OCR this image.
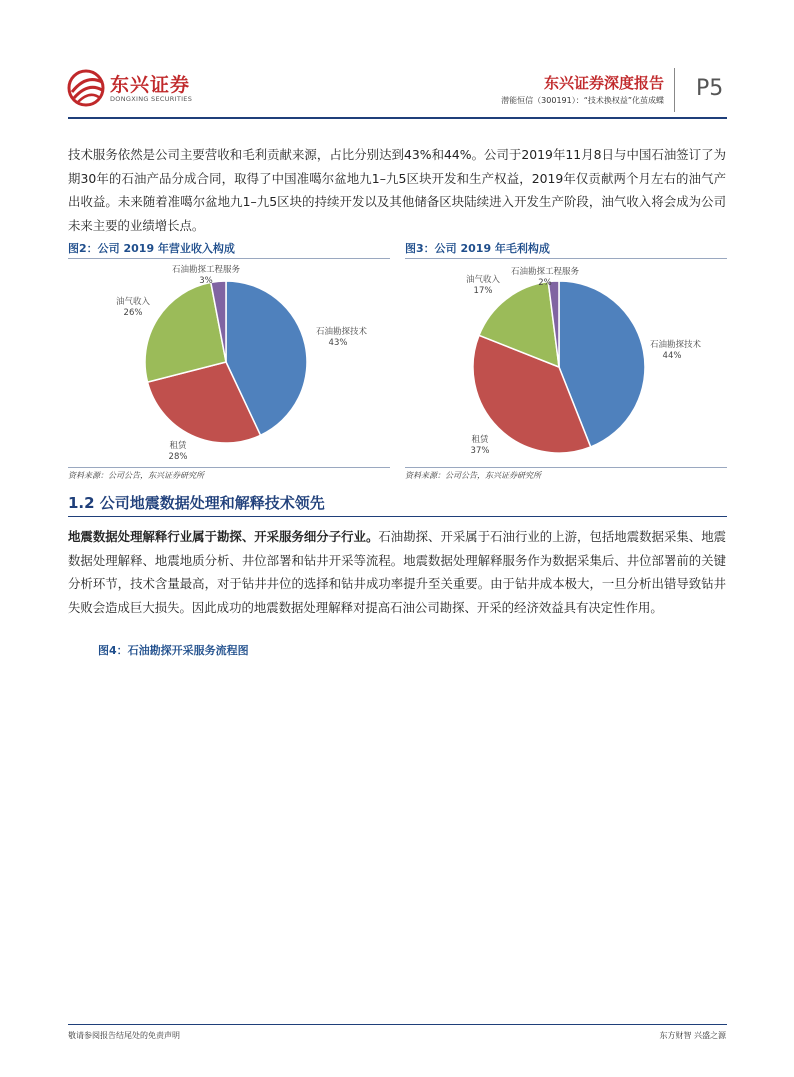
东兴证券
DONGXING SECURITIES
东兴证券深度报告
潜能恒信（300191）：“技术换权益”化茧成蝶 P5

技术服务依然是公司主要营收和毛利贡献来源，占比分别达到43%和44%。公司于2019年11月8日与中国石油签订了为期30年的石油产品分成合同，取得了中国准噶尔盆地九1–九5区块开发和生产权益，2019年仅贡献两个月左右的油气产出收益。未来随着准噶尔盆地九1–九5区块的持续开发以及其他储备区块陆续进入开发生产阶段，油气收入将会成为公司未来主要的业绩增长点。

图2：公司 2019 年营业收入构成	图3：公司 2019 年毛利构成
石油勘探技术
43%
租赁
28%
油气收入
26%
石油勘探工程服务
3%
石油勘探技术
44%
租赁
37%
油气收入
17%
石油勘探工程服务
2%
资料来源：公司公告，东兴证券研究所	资料来源：公司公告，东兴证券研究所
1.2 公司地震数据处理和解释技术领先

地震数据处理解释行业属于勘探、开采服务细分子行业。石油勘探、开采属于石油行业的上游，包括地震数据采集、地震数据处理解释、地震地质分析、井位部署和钻井开采等流程。地震数据处理解释服务作为数据采集后、井位部署前的关键分析环节，技术含量最高，对于钻井井位的选择和钻井成功率提升至关重要。由于钻井成本极大，一旦分析出错导致钻井失败会造成巨大损失。因此成功的地震数据处理解释对提高石油公司勘探、开采的经济效益具有决定性作用。

图4：石油勘探开采服务流程图
敬请参阅报告结尾处的免责声明	东方财智 兴盛之源
